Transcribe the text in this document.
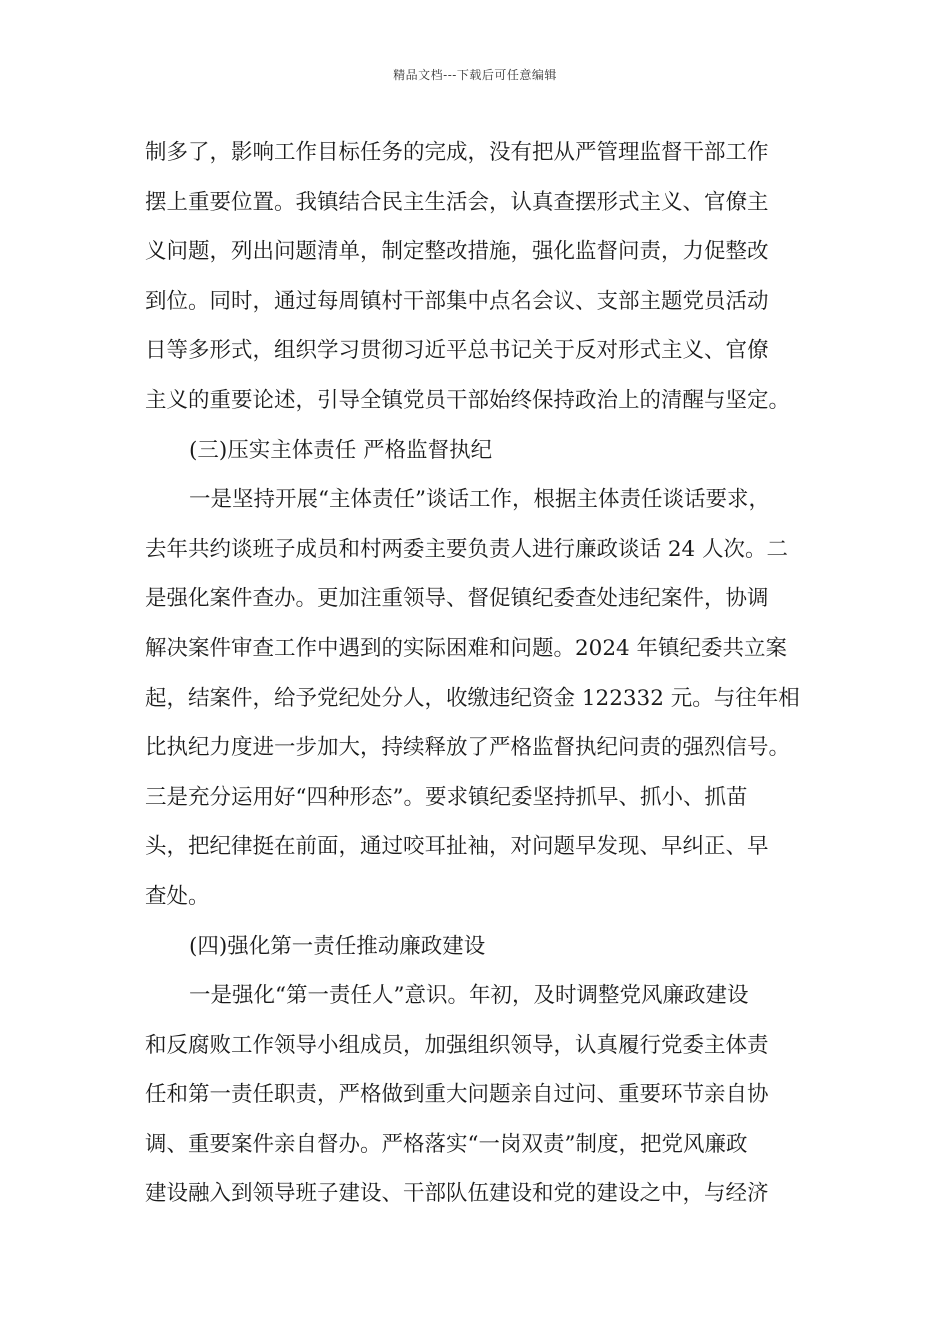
精品文档---下载后可任意编辑
制多了，影响工作目标任务的完成，没有把从严管理监督干部工作
摆上重要位置。我镇结合民主生活会，认真查摆形式主义、官僚主
义问题，列出问题清单，制定整改措施，强化监督问责，力促整改
到位。同时，通过每周镇村干部集中点名会议、支部主题党员活动
日等多形式，组织学习贯彻习近平总书记关于反对形式主义、官僚
主义的重要论述，引导全镇党员干部始终保持政治上的清醒与坚定。
(三)压实主体责任 严格监督执纪
一是坚持开展“主体责任”谈话工作，根据主体责任谈话要求，
去年共约谈班子成员和村两委主要负责人进行廉政谈话 24 人次。二
是强化案件查办。更加注重领导、督促镇纪委查处违纪案件，协调
解决案件审查工作中遇到的实际困难和问题。2024 年镇纪委共立案
起，结案件，给予党纪处分人，收缴违纪资金 122332 元。与往年相
比执纪力度进一步加大，持续释放了严格监督执纪问责的强烈信号。
三是充分运用好“四种形态”。要求镇纪委坚持抓早、抓小、抓苗
头，把纪律挺在前面，通过咬耳扯袖，对问题早发现、早纠正、早
查处。
(四)强化第一责任推动廉政建设
一是强化“第一责任人”意识。年初，及时调整党风廉政建设
和反腐败工作领导小组成员，加强组织领导，认真履行党委主体责
任和第一责任职责，严格做到重大问题亲自过问、重要环节亲自协
调、重要案件亲自督办。严格落实“一岗双责”制度，把党风廉政
建设融入到领导班子建设、干部队伍建设和党的建设之中，与经济
